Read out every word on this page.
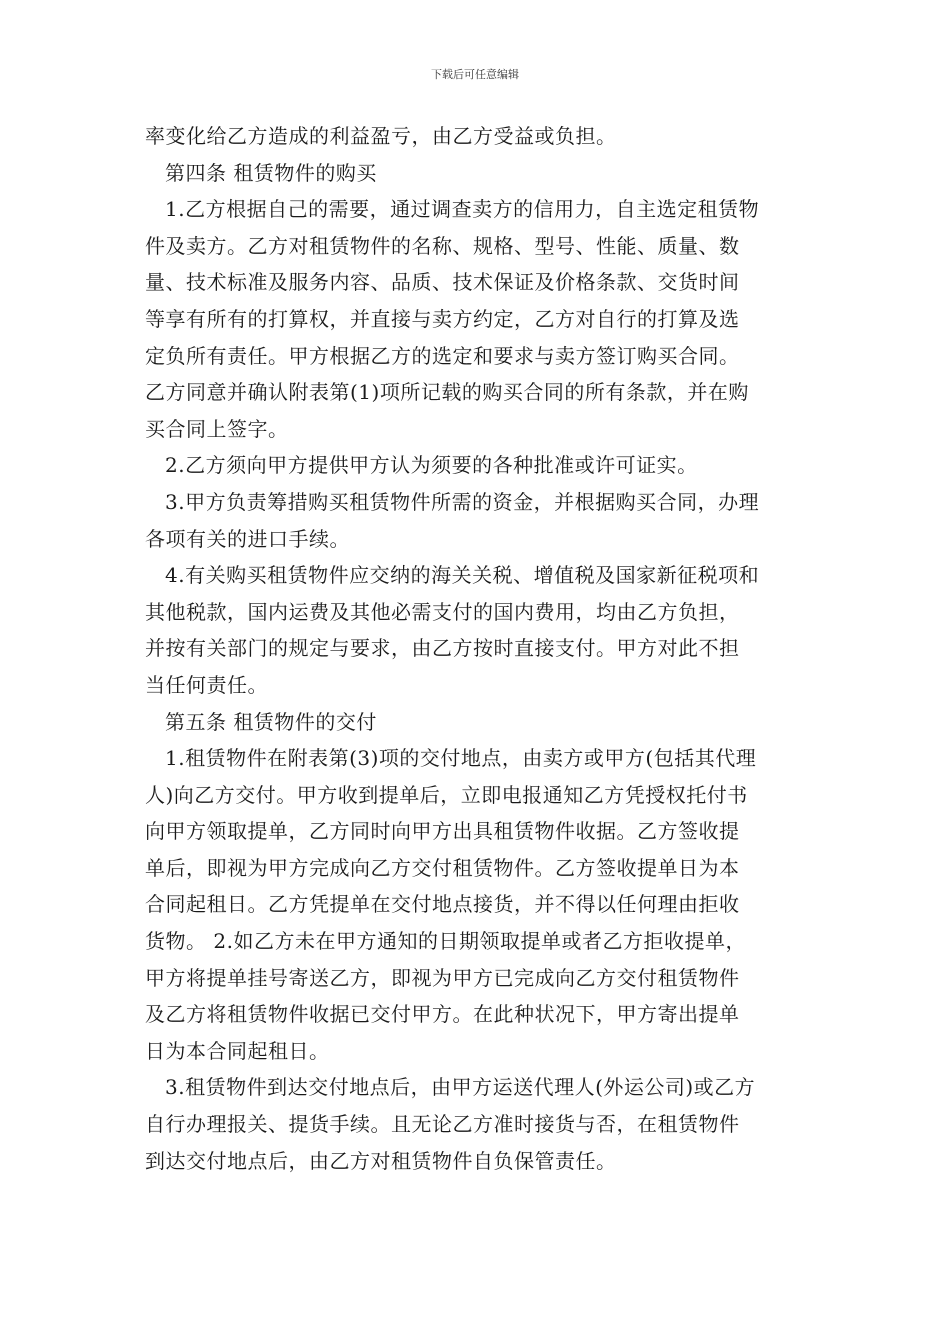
下载后可任意编辑
率变化给乙方造成的利益盈亏，由乙方受益或负担。
第四条 租赁物件的购买
1.乙方根据自己的需要，通过调查卖方的信用力，自主选定租赁物
件及卖方。乙方对租赁物件的名称、规格、型号、性能、质量、数
量、技术标准及服务内容、品质、技术保证及价格条款、交货时间
等享有所有的打算权，并直接与卖方约定，乙方对自行的打算及选
定负所有责任。甲方根据乙方的选定和要求与卖方签订购买合同。
乙方同意并确认附表第(1)项所记载的购买合同的所有条款，并在购
买合同上签字。
2.乙方须向甲方提供甲方认为须要的各种批准或许可证实。
3.甲方负责筹措购买租赁物件所需的资金，并根据购买合同，办理
各项有关的进口手续。
4.有关购买租赁物件应交纳的海关关税、增值税及国家新征税项和
其他税款，国内运费及其他必需支付的国内费用，均由乙方负担，
并按有关部门的规定与要求，由乙方按时直接支付。甲方对此不担
当任何责任。
第五条 租赁物件的交付
1.租赁物件在附表第(3)项的交付地点，由卖方或甲方(包括其代理
人)向乙方交付。甲方收到提单后，立即电报通知乙方凭授权托付书
向甲方领取提单，乙方同时向甲方出具租赁物件收据。乙方签收提
单后，即视为甲方完成向乙方交付租赁物件。乙方签收提单日为本
合同起租日。乙方凭提单在交付地点接货，并不得以任何理由拒收
货物。 2.如乙方未在甲方通知的日期领取提单或者乙方拒收提单，
甲方将提单挂号寄送乙方，即视为甲方已完成向乙方交付租赁物件
及乙方将租赁物件收据已交付甲方。在此种状况下，甲方寄出提单
日为本合同起租日。
3.租赁物件到达交付地点后，由甲方运送代理人(外运公司)或乙方
自行办理报关、提货手续。且无论乙方准时接货与否，在租赁物件
到达交付地点后，由乙方对租赁物件自负保管责任。
